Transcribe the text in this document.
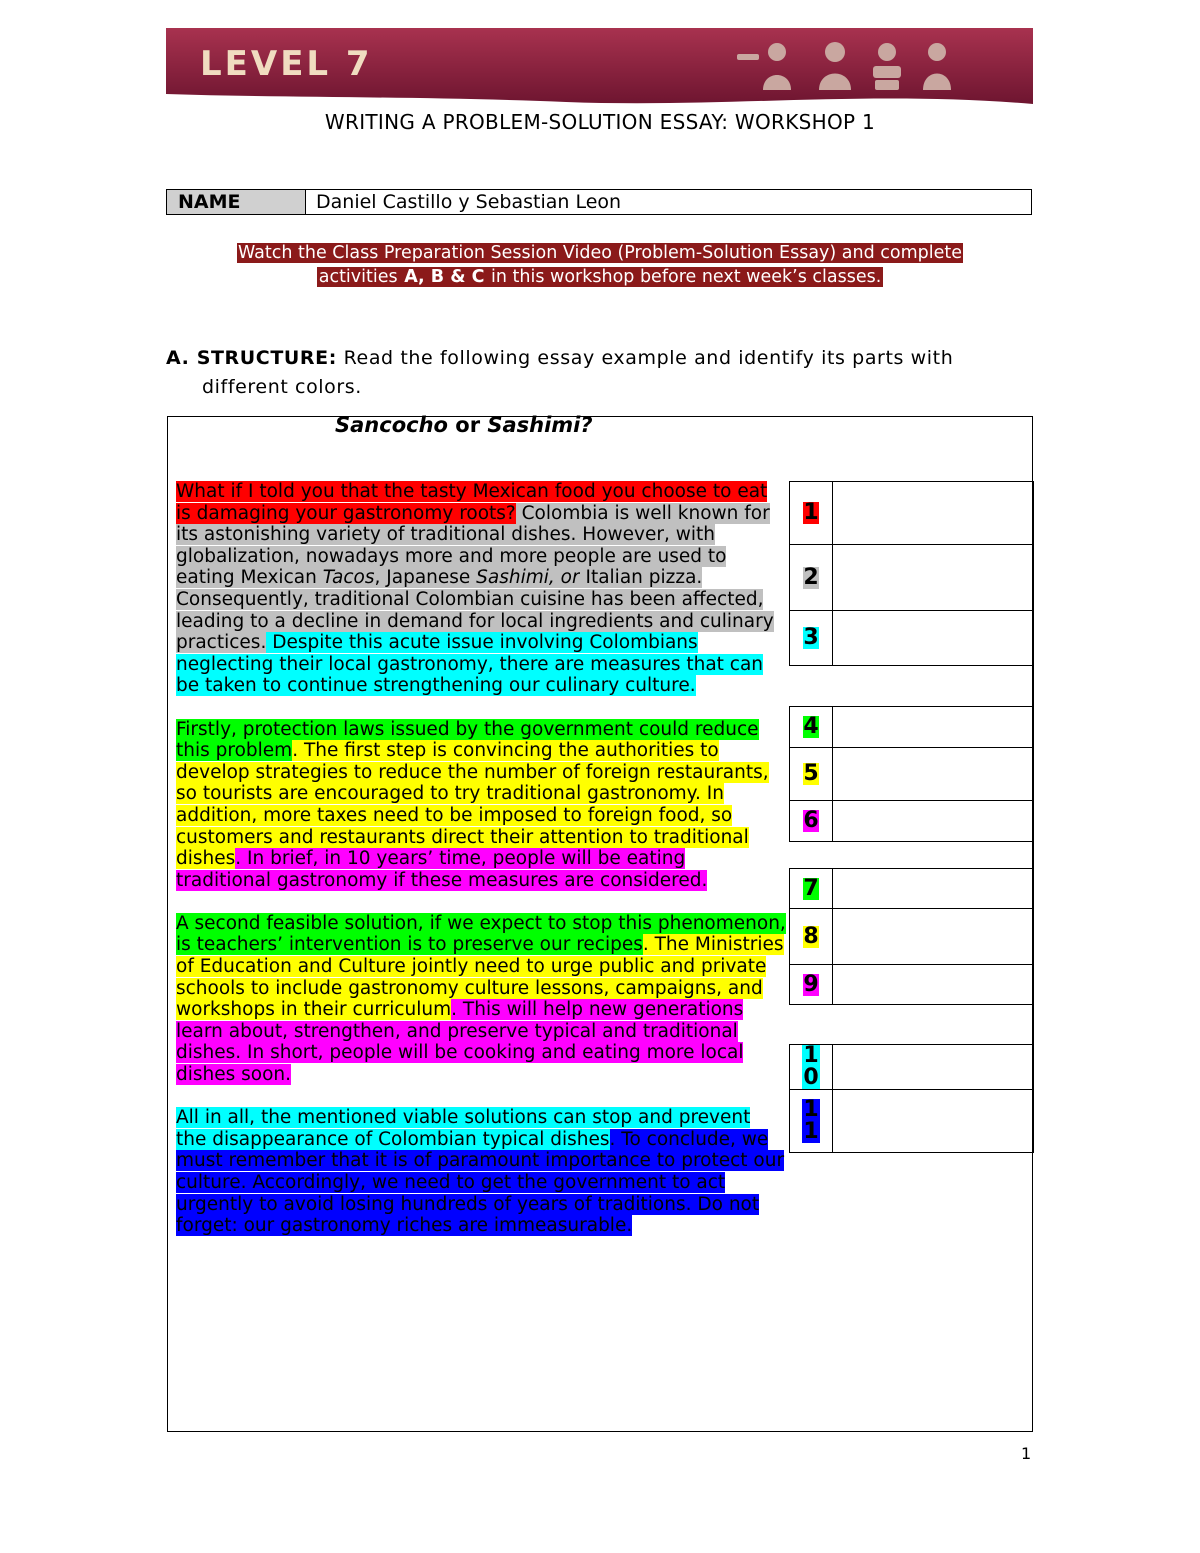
LEVEL 7
WRITING A PROBLEM-SOLUTION ESSAY: WORKSHOP 1
NAME	Daniel Castillo y Sebastian Leon
Watch the Class Preparation Session Video (Problem-Solution Essay) and complete
activities A, B & C in this workshop before next week’s classes.
A. STRUCTURE: Read the following essay example and identify its parts with
different colors.
Sancocho or Sashimi?

What if I told you that the tasty Mexican food you choose to eat is damaging your gastronomy roots? Colombia is well known for its astonishing variety of traditional dishes. However, with globalization, nowadays more and more people are used to eating Mexican Tacos, Japanese Sashimi, or Italian pizza. Consequently, traditional Colombian cuisine has been affected, leading to a decline in demand for local ingredients and culinary practices. Despite this acute issue involving Colombians neglecting their local gastronomy, there are measures that can be taken to continue strengthening our culinary culture.

Firstly, protection laws issued by the government could reduce this problem. The first step is convincing the authorities to develop strategies to reduce the number of foreign restaurants, so tourists are encouraged to try traditional gastronomy. In addition, more taxes need to be imposed to foreign food, so customers and restaurants direct their attention to traditional dishes. In brief, in 10 years’ time, people will be eating traditional gastronomy if these measures are considered.

A second feasible solution, if we expect to stop this phenomenon, is teachers’ intervention is to preserve our recipes. The Ministries of Education and Culture jointly need to urge public and private schools to include gastronomy culture lessons, campaigns, and workshops in their curriculum. This will help new generations learn about, strengthen, and preserve typical and traditional dishes. In short, people will be cooking and eating more local dishes soon.

All in all, the mentioned viable solutions can stop and prevent the disappearance of Colombian typical dishes. To conclude, we must remember that it is of paramount importance to protect our culture. Accordingly, we need to get the government to act urgently to avoid losing hundreds of years of traditions. Do not forget: our gastronomy riches are immeasurable.

1	
2	
3	

4	
5	
6	

7	
8	
9	

10	
11	
1
